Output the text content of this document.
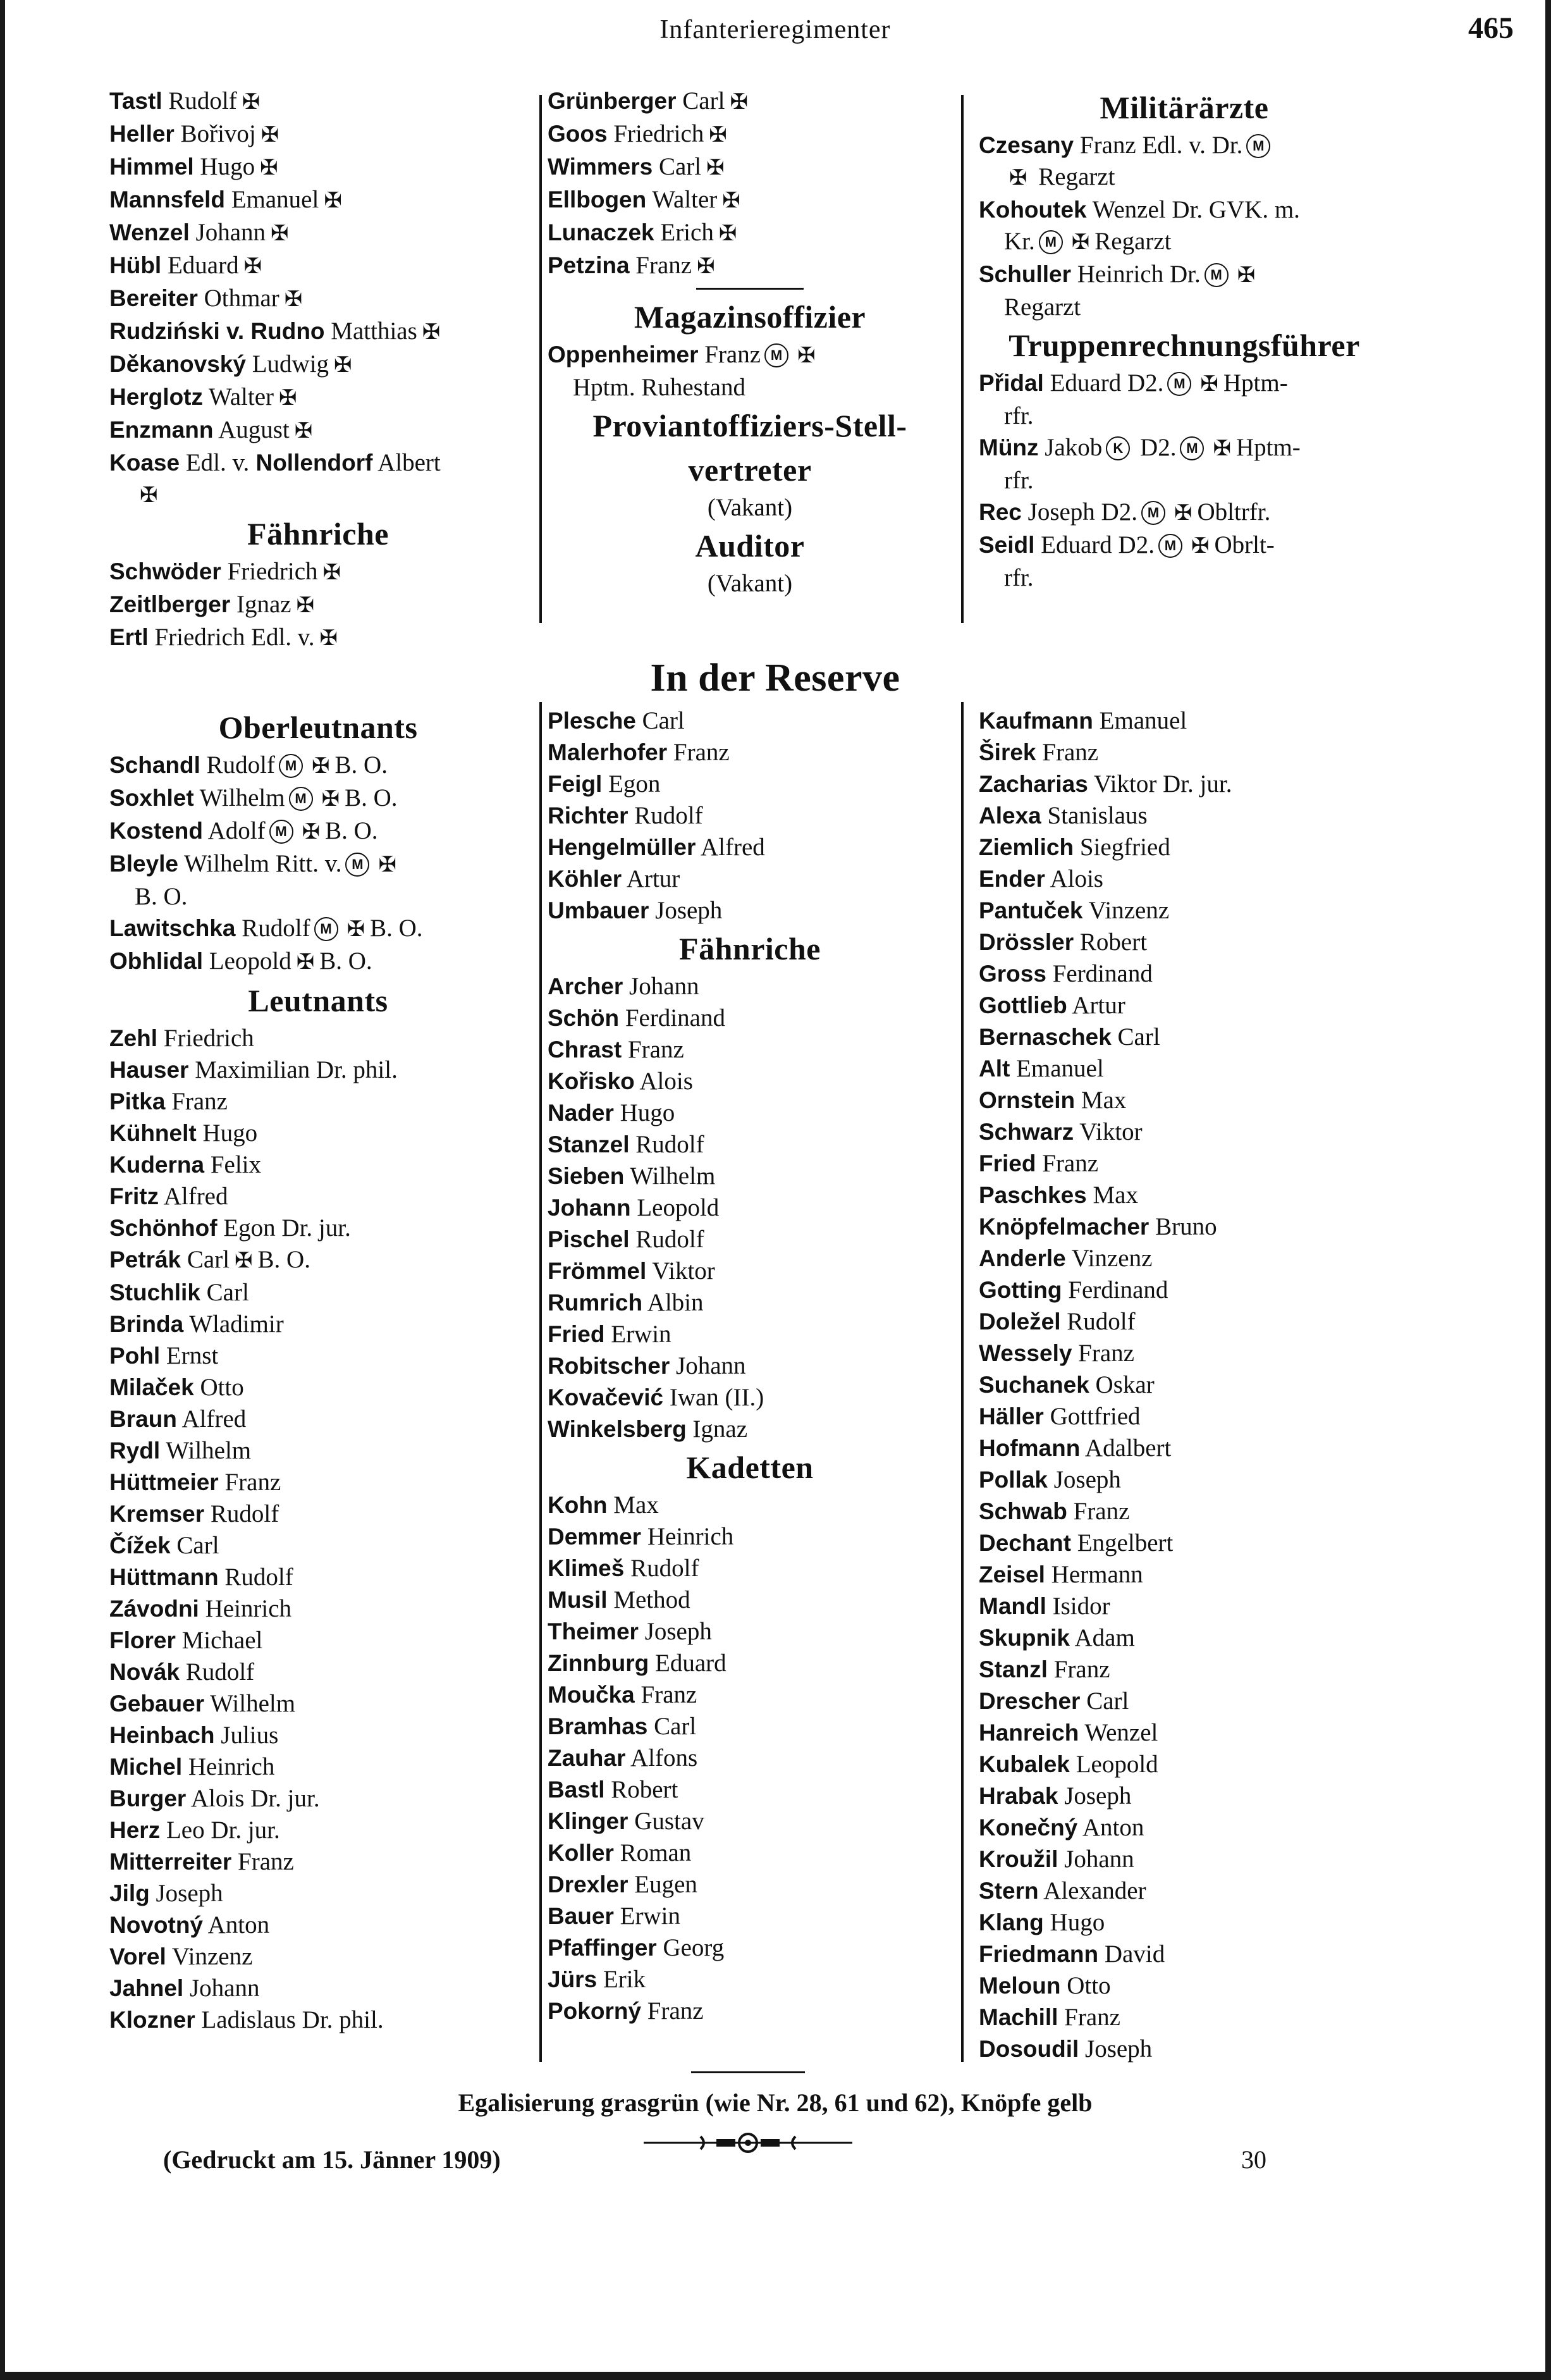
Infanterieregimenter	465
Tastl Rudolf ✠
Heller Bořivoj ✠
Himmel Hugo ✠
Mannsfeld Emanuel ✠
Wenzel Johann ✠
Hübl Eduard ✠
Bereiter Othmar ✠
Rudziński v. Rudno Matthias ✠
Děkanovský Ludwig ✠
Herglotz Walter ✠
Enzmann August ✠
Koase Edl. v. Nollendorf Albert
✠
Fähnriche
Schwöder Friedrich ✠
Zeitlberger Ignaz ✠
Ertl Friedrich Edl. v. ✠
Grünberger Carl ✠
Goos Friedrich ✠
Wimmers Carl ✠
Ellbogen Walter ✠
Lunaczek Erich ✠
Petzina Franz ✠
Magazinsoffizier
Oppenheimer Franz M ✠
Hptm. Ruhestand
Proviantoffiziers-Stell-
vertreter
(Vakant)
Auditor
(Vakant)
Militärärzte
Czesany Franz Edl. v. Dr. M
✠ Regarzt
Kohoutek Wenzel Dr. GVK. m.
Kr. M ✠ Regarzt
Schuller Heinrich Dr. M ✠
Regarzt
Truppenrechnungsführer
Přidal Eduard D2. M ✠ Hptm-
rfr.
Münz Jakob K D2. M ✠ Hptm-
rfr.
Rec Joseph D2. M ✠ Obltrfr.
Seidl Eduard D2. M ✠ Obrlt-
rfr.
In der Reserve
Oberleutnants
Schandl Rudolf M ✠ B. O.
Soxhlet Wilhelm M ✠ B. O.
Kostend Adolf M ✠ B. O.
Bleyle Wilhelm Ritt. v. M ✠
B. O.
Lawitschka Rudolf M ✠ B. O.
Obhlidal Leopold ✠ B. O.
Leutnants
Zehl Friedrich
Hauser Maximilian Dr. phil.
Pitka Franz
Kühnelt Hugo
Kuderna Felix
Fritz Alfred
Schönhof Egon Dr. jur.
Petrák Carl ✠ B. O.
Stuchlik Carl
Brinda Wladimir
Pohl Ernst
Milaček Otto
Braun Alfred
Rydl Wilhelm
Hüttmeier Franz
Kremser Rudolf
Čížek Carl
Hüttmann Rudolf
Závodni Heinrich
Florer Michael
Novák Rudolf
Gebauer Wilhelm
Heinbach Julius
Michel Heinrich
Burger Alois Dr. jur.
Herz Leo Dr. jur.
Mitterreiter Franz
Jilg Joseph
Novotný Anton
Vorel Vinzenz
Jahnel Johann
Klozner Ladislaus Dr. phil.
Plesche Carl
Malerhofer Franz
Feigl Egon
Richter Rudolf
Hengelmüller Alfred
Köhler Artur
Umbauer Joseph
Fähnriche
Archer Johann
Schön Ferdinand
Chrast Franz
Kořisko Alois
Nader Hugo
Stanzel Rudolf
Sieben Wilhelm
Johann Leopold
Pischel Rudolf
Frömmel Viktor
Rumrich Albin
Fried Erwin
Robitscher Johann
Kovačević Iwan (II.)
Winkelsberg Ignaz
Kadetten
Kohn Max
Demmer Heinrich
Klimeš Rudolf
Musil Method
Theimer Joseph
Zinnburg Eduard
Moučka Franz
Bramhas Carl
Zauhar Alfons
Bastl Robert
Klinger Gustav
Koller Roman
Drexler Eugen
Bauer Erwin
Pfaffinger Georg
Jürs Erik
Pokorný Franz
Kaufmann Emanuel
Širek Franz
Zacharias Viktor Dr. jur.
Alexa Stanislaus
Ziemlich Siegfried
Ender Alois
Pantuček Vinzenz
Drössler Robert
Gross Ferdinand
Gottlieb Artur
Bernaschek Carl
Alt Emanuel
Ornstein Max
Schwarz Viktor
Fried Franz
Paschkes Max
Knöpfelmacher Bruno
Anderle Vinzenz
Gotting Ferdinand
Doležel Rudolf
Wessely Franz
Suchanek Oskar
Häller Gottfried
Hofmann Adalbert
Pollak Joseph
Schwab Franz
Dechant Engelbert
Zeisel Hermann
Mandl Isidor
Skupnik Adam
Stanzl Franz
Drescher Carl
Hanreich Wenzel
Kubalek Leopold
Hrabak Joseph
Konečný Anton
Kroužil Johann
Stern Alexander
Klang Hugo
Friedmann David
Meloun Otto
Machill Franz
Dosoudil Joseph
Egalisierung grasgrün (wie Nr. 28, 61 und 62), Knöpfe gelb
(Gedruckt am 15. Jänner 1909)	30
